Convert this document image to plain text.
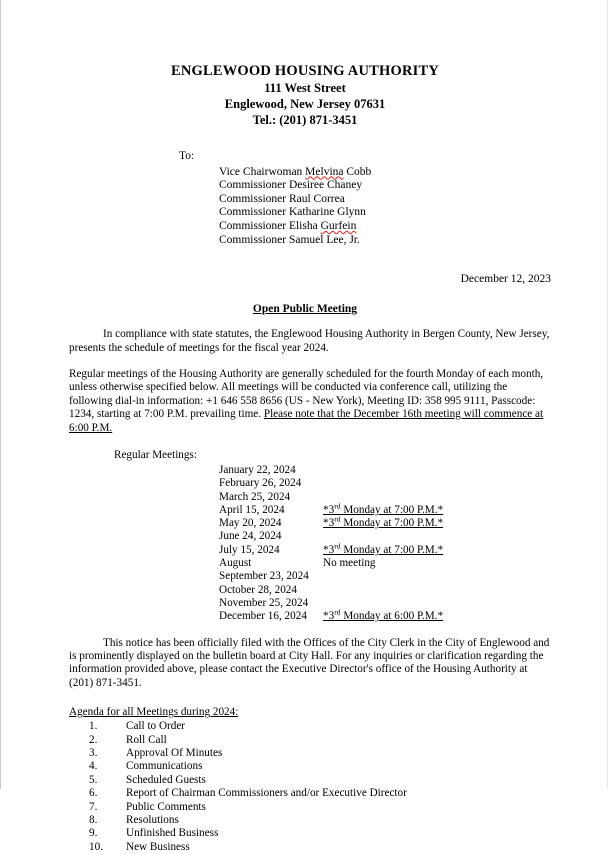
ENGLEWOOD HOUSING AUTHORITY
111 West Street
Englewood, New Jersey 07631
Tel.: (201) 871-3451
To:
Vice Chairwoman Melvina Cobb
Commissioner Desiree Chaney
Commissioner Raul Correa
Commissioner Katharine Glynn
Commissioner Elisha Gurfein
Commissioner Samuel Lee, Jr.
December 12, 2023
Open Public Meeting
In compliance with state statutes, the Englewood Housing Authority in Bergen County, New Jersey, presents the schedule of meetings for the fiscal year 2024.
Regular meetings of the Housing Authority are generally scheduled for the fourth Monday of each month, unless otherwise specified below. All meetings will be conducted via conference call, utilizing the following dial-in information: +1 646 558 8656 (US - New York), Meeting ID: 358 995 9111, Passcode: 1234, starting at 7:00 P.M. prevailing time. Please note that the December 16th meeting will commence at 6:00 P.M.
Regular Meetings:
January 22, 2024	
February 26, 2024	
March 25, 2024	
April 15, 2024	*3rd Monday at 7:00 P.M.*
May 20, 2024	*3rd Monday at 7:00 P.M.*
June 24, 2024	
July 15, 2024	*3rd Monday at 7:00 P.M.*
August	No meeting
September 23, 2024	
October 28, 2024	
November 25, 2024	
December 16, 2024	*3rd Monday at 6:00 P.M.*
This notice has been officially filed with the Offices of the City Clerk in the City of Englewood and is prominently displayed on the bulletin board at City Hall. For any inquiries or clarification regarding the information provided above, please contact the Executive Director's office of the Housing Authority at (201) 871-3451.
Agenda for all Meetings during 2024:
1.	Call to Order
2.	Roll Call
3.	Approval Of Minutes
4.	Communications
5.	Scheduled Guests
6.	Report of Chairman Commissioners and/or Executive Director
7.	Public Comments
8.	Resolutions
9.	Unfinished Business
10.	New Business
